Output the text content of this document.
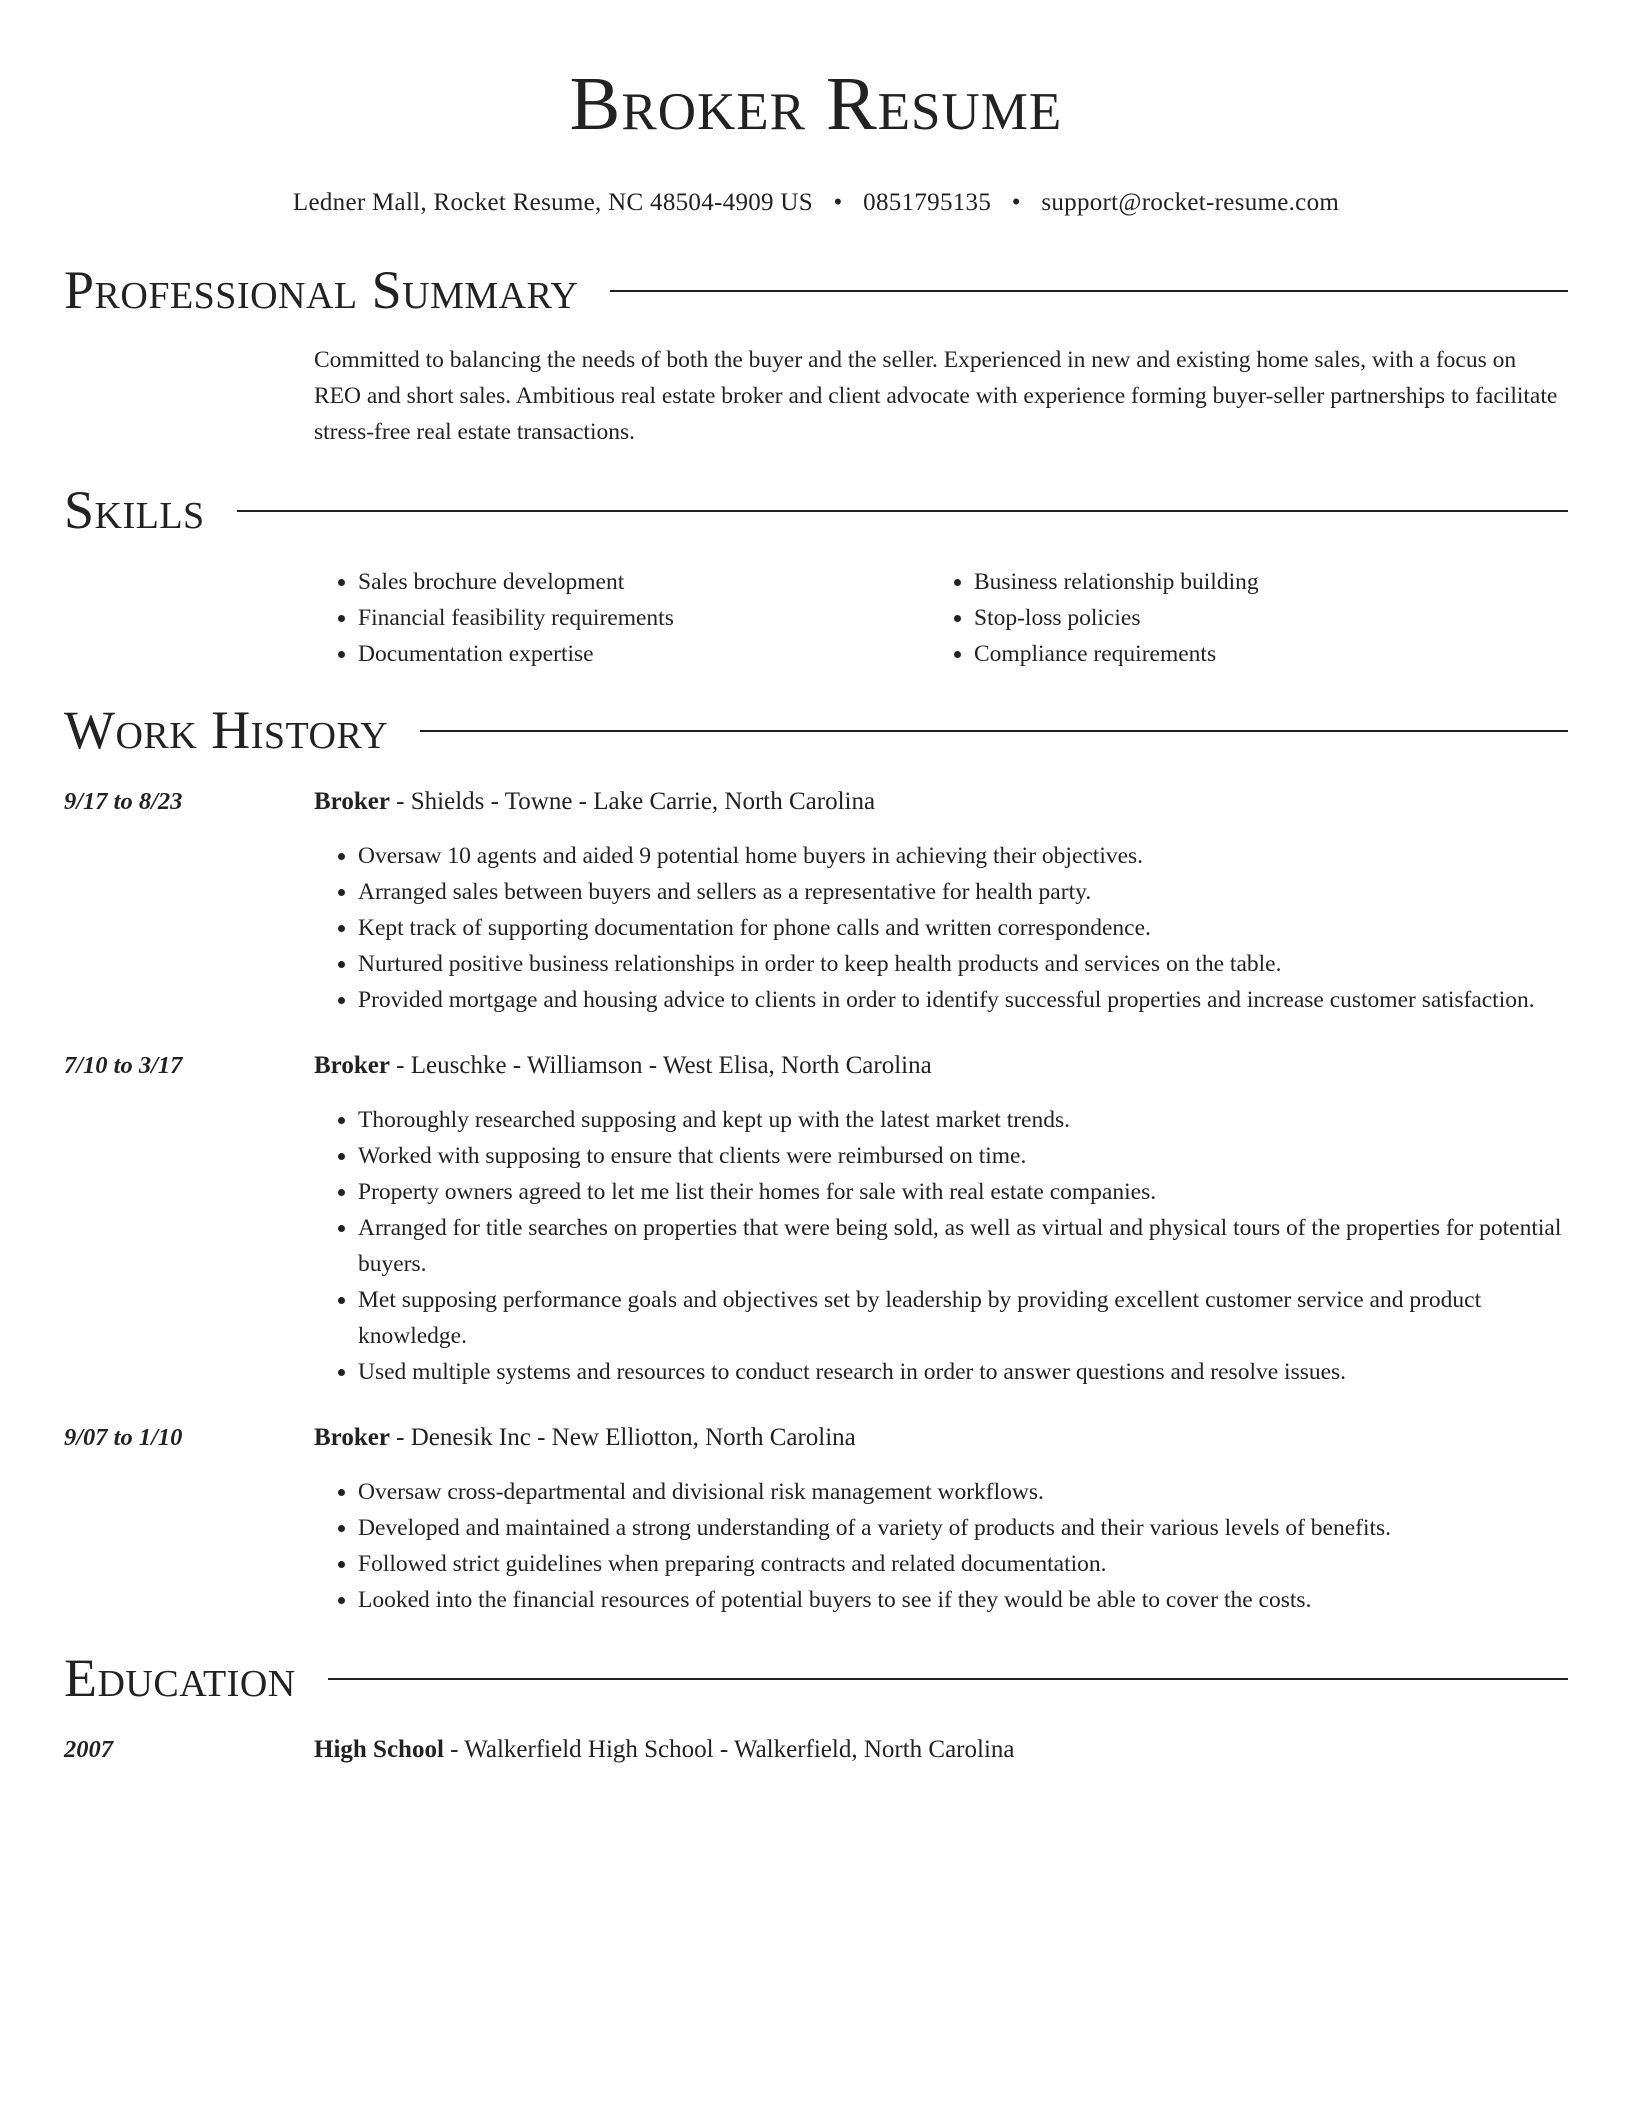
Broker Resume
Ledner Mall, Rocket Resume, NC 48504-4909 US • 0851795135 • support@rocket-resume.com
Professional Summary

Committed to balancing the needs of both the buyer and the seller. Experienced in new and existing home sales, with a focus on REO and short sales. Ambitious real estate broker and client advocate with experience forming buyer-seller partnerships to facilitate stress-free real estate transactions.

Skills
• Sales brochure development
• Financial feasibility requirements
• Documentation expertise
• Business relationship building
• Stop-loss policies
• Compliance requirements
Work History
9/17 to 8/23	Broker - Shields - Towne - Lake Carrie, North Carolina
• Oversaw 10 agents and aided 9 potential home buyers in achieving their objectives.
• Arranged sales between buyers and sellers as a representative for health party.
• Kept track of supporting documentation for phone calls and written correspondence.
• Nurtured positive business relationships in order to keep health products and services on the table.
• Provided mortgage and housing advice to clients in order to identify successful properties and increase customer satisfaction.
7/10 to 3/17	Broker - Leuschke - Williamson - West Elisa, North Carolina
• Thoroughly researched supposing and kept up with the latest market trends.
• Worked with supposing to ensure that clients were reimbursed on time.
• Property owners agreed to let me list their homes for sale with real estate companies.
• Arranged for title searches on properties that were being sold, as well as virtual and physical tours of the properties for potential buyers.
• Met supposing performance goals and objectives set by leadership by providing excellent customer service and product knowledge.
• Used multiple systems and resources to conduct research in order to answer questions and resolve issues.
9/07 to 1/10	Broker - Denesik Inc - New Elliotton, North Carolina
• Oversaw cross-departmental and divisional risk management workflows.
• Developed and maintained a strong understanding of a variety of products and their various levels of benefits.
• Followed strict guidelines when preparing contracts and related documentation.
• Looked into the financial resources of potential buyers to see if they would be able to cover the costs.
Education
2007	High School - Walkerfield High School - Walkerfield, North Carolina
